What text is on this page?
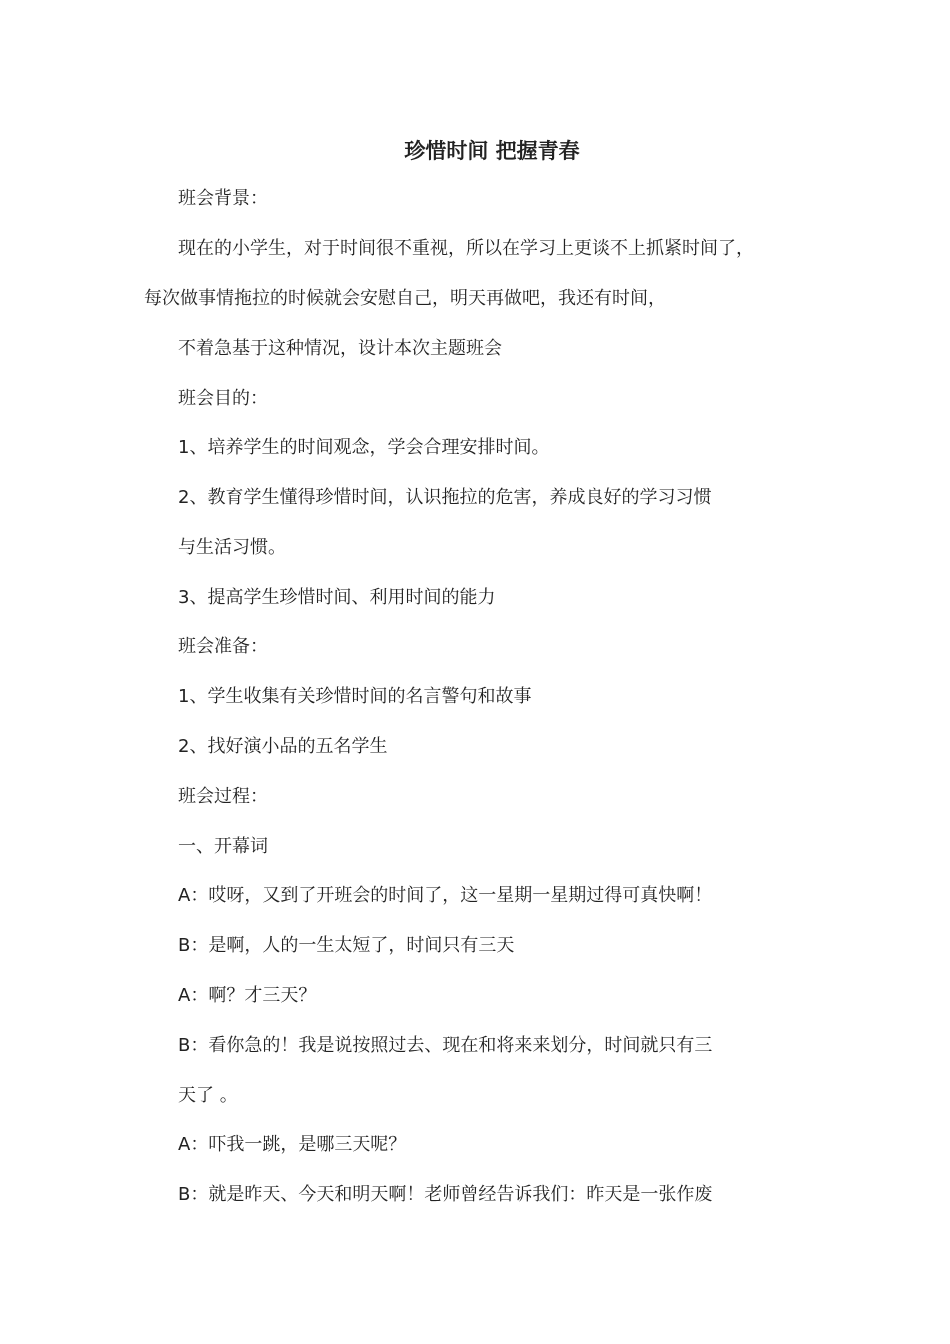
珍惜时间 把握青春
班会背景：
现在的小学生，对于时间很不重视，所以在学习上更谈不上抓紧时间了，
每次做事情拖拉的时候就会安慰自己，明天再做吧，我还有时间，
不着急基于这种情况，设计本次主题班会
班会目的：
1、培养学生的时间观念，学会合理安排时间。
2、教育学生懂得珍惜时间，认识拖拉的危害，养成良好的学习习惯
与生活习惯。
3、提高学生珍惜时间、利用时间的能力
班会准备：
1、学生收集有关珍惜时间的名言警句和故事
2、找好演小品的五名学生
班会过程：
一、开幕词
A：哎呀，又到了开班会的时间了，这一星期一星期过得可真快啊！
B：是啊，人的一生太短了，时间只有三天
A：啊？才三天？
B：看你急的！我是说按照过去、现在和将来来划分，时间就只有三
天了 。
A：吓我一跳，是哪三天呢？
B：就是昨天、今天和明天啊！老师曾经告诉我们：昨天是一张作废
